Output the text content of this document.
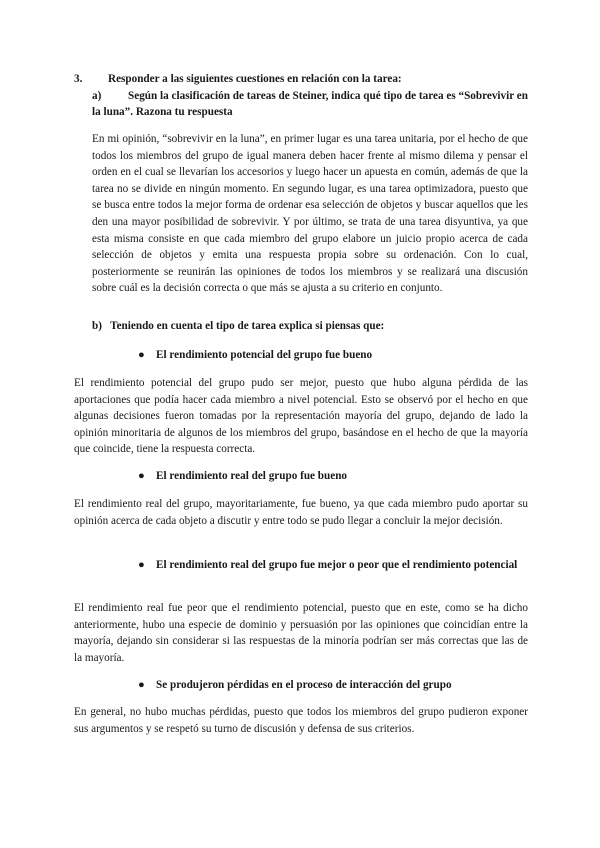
3. Responder a las siguientes cuestiones en relación con la tarea:
a) Según la clasificación de tareas de Steiner, indica qué tipo de tarea es “Sobrevivir en la luna”. Razona tu respuesta
En mi opinión, “sobrevivir en la luna”, en primer lugar es una tarea unitaria, por el hecho de que todos los miembros del grupo de igual manera deben hacer frente al mismo dilema y pensar el orden en el cual se llevarían los accesorios y luego hacer un apuesta en común, además de que la tarea no se divide en ningún momento. En segundo lugar, es una tarea optimizadora, puesto que se busca entre todos la mejor forma de ordenar esa selección de objetos y buscar aquellos que les den una mayor posibilidad de sobrevivir. Y por último, se trata de una tarea disyuntiva, ya que esta misma consiste en que cada miembro del grupo elabore un juicio propio acerca de cada selección de objetos y emita una respuesta propia sobre su ordenación. Con lo cual, posteriormente se reunirán las opiniones de todos los miembros y se realizará una discusión sobre cuál es la decisión correcta o que más se ajusta a su criterio en conjunto.
b) Teniendo en cuenta el tipo de tarea explica si piensas que:
● El rendimiento potencial del grupo fue bueno
El rendimiento potencial del grupo pudo ser mejor, puesto que hubo alguna pérdida de las aportaciones que podía hacer cada miembro a nivel potencial. Esto se observó por el hecho en que algunas decisiones fueron tomadas por la representación mayoría del grupo, dejando de lado la opinión minoritaria de algunos de los miembros del grupo, basándose en el hecho de que la mayoría que coincide, tiene la respuesta correcta.
● El rendimiento real del grupo fue bueno
El rendimiento real del grupo, mayoritariamente, fue bueno, ya que cada miembro pudo aportar su opinión acerca de cada objeto a discutir y entre todo se pudo llegar a concluir la mejor decisión.
● El rendimiento real del grupo fue mejor o peor que el rendimiento potencial
El rendimiento real fue peor que el rendimiento potencial, puesto que en este, como se ha dicho anteriormente, hubo una especie de dominio y persuasión por las opiniones que coincidían entre la mayoría, dejando sin considerar si las respuestas de la minoría podrían ser más correctas que las de la mayoría.
● Se produjeron pérdidas en el proceso de interacción del grupo
En general, no hubo muchas pérdidas, puesto que todos los miembros del grupo pudieron exponer sus argumentos y se respetó su turno de discusión y defensa de sus criterios.
